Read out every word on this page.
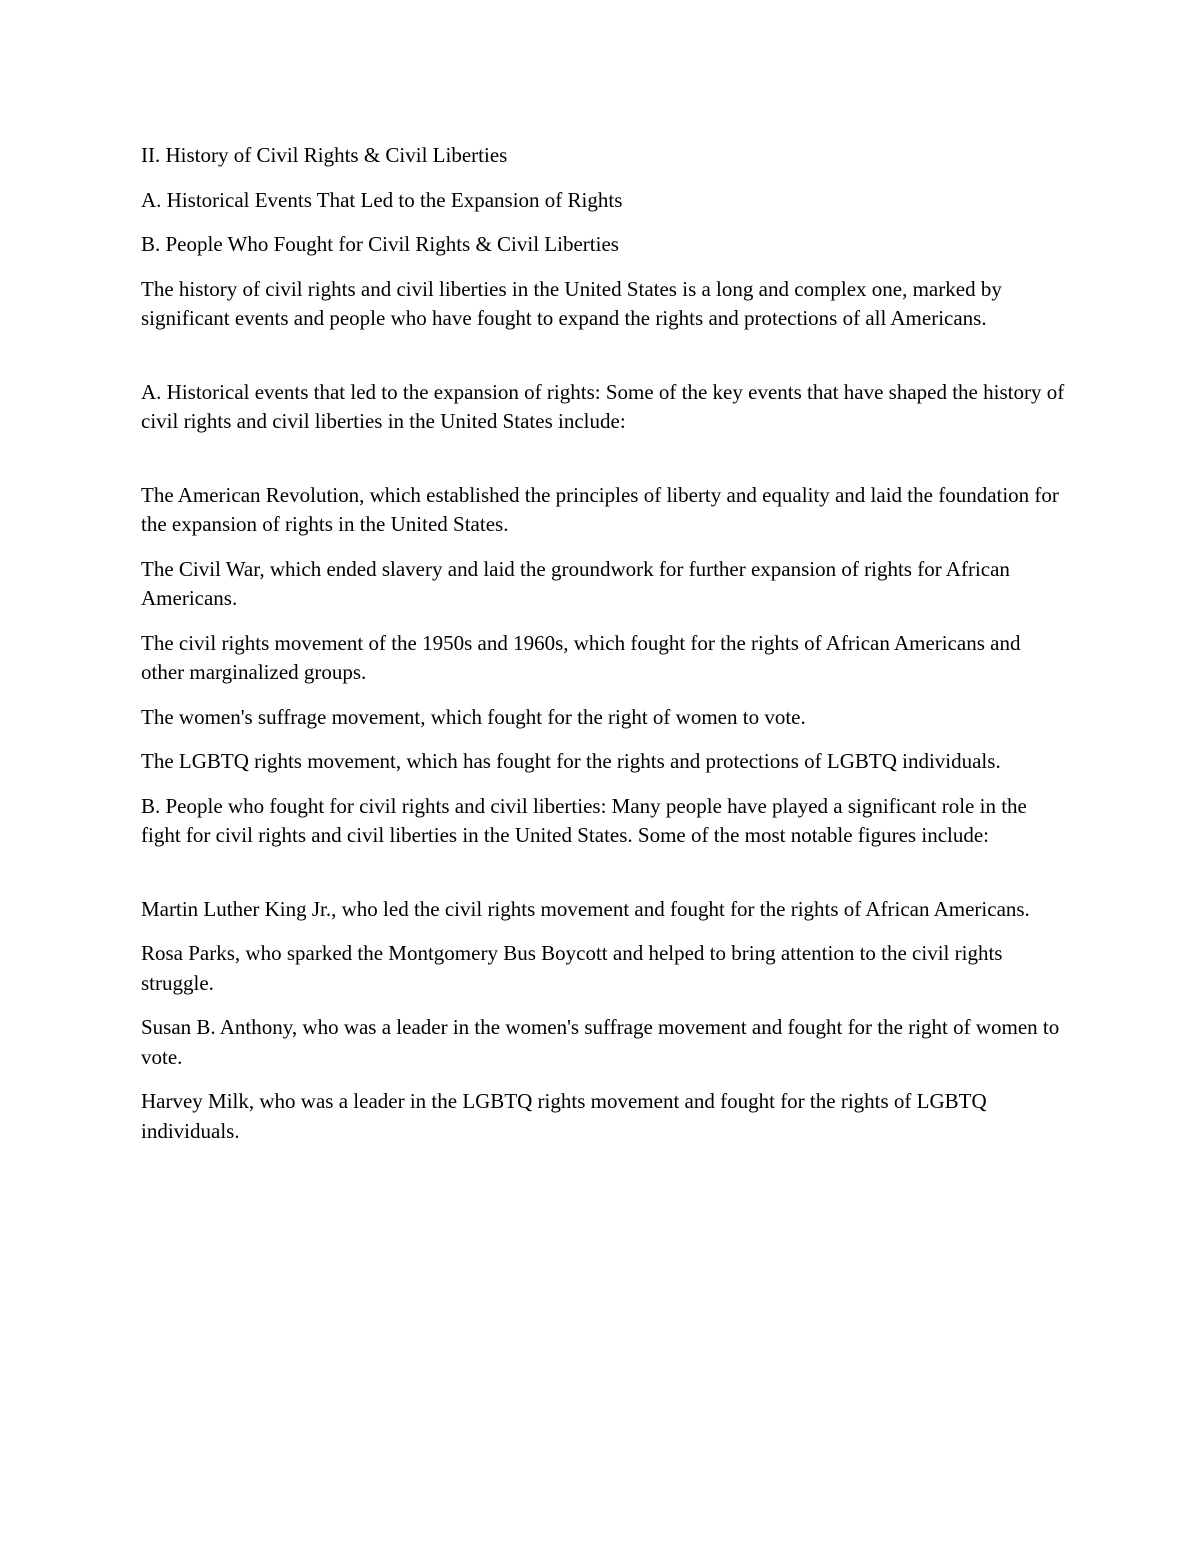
II. History of Civil Rights & Civil Liberties

A. Historical Events That Led to the Expansion of Rights

B. People Who Fought for Civil Rights & Civil Liberties

The history of civil rights and civil liberties in the United States is a long and complex one, marked by significant events and people who have fought to expand the rights and protections of all Americans.

A. Historical events that led to the expansion of rights: Some of the key events that have shaped the history of civil rights and civil liberties in the United States include:

The American Revolution, which established the principles of liberty and equality and laid the foundation for the expansion of rights in the United States.

The Civil War, which ended slavery and laid the groundwork for further expansion of rights for African Americans.

The civil rights movement of the 1950s and 1960s, which fought for the rights of African Americans and other marginalized groups.

The women's suffrage movement, which fought for the right of women to vote.

The LGBTQ rights movement, which has fought for the rights and protections of LGBTQ individuals.

B. People who fought for civil rights and civil liberties: Many people have played a significant role in the fight for civil rights and civil liberties in the United States. Some of the most notable figures include:

Martin Luther King Jr., who led the civil rights movement and fought for the rights of African Americans.

Rosa Parks, who sparked the Montgomery Bus Boycott and helped to bring attention to the civil rights struggle.

Susan B. Anthony, who was a leader in the women's suffrage movement and fought for the right of women to vote.

Harvey Milk, who was a leader in the LGBTQ rights movement and fought for the rights of LGBTQ individuals.
